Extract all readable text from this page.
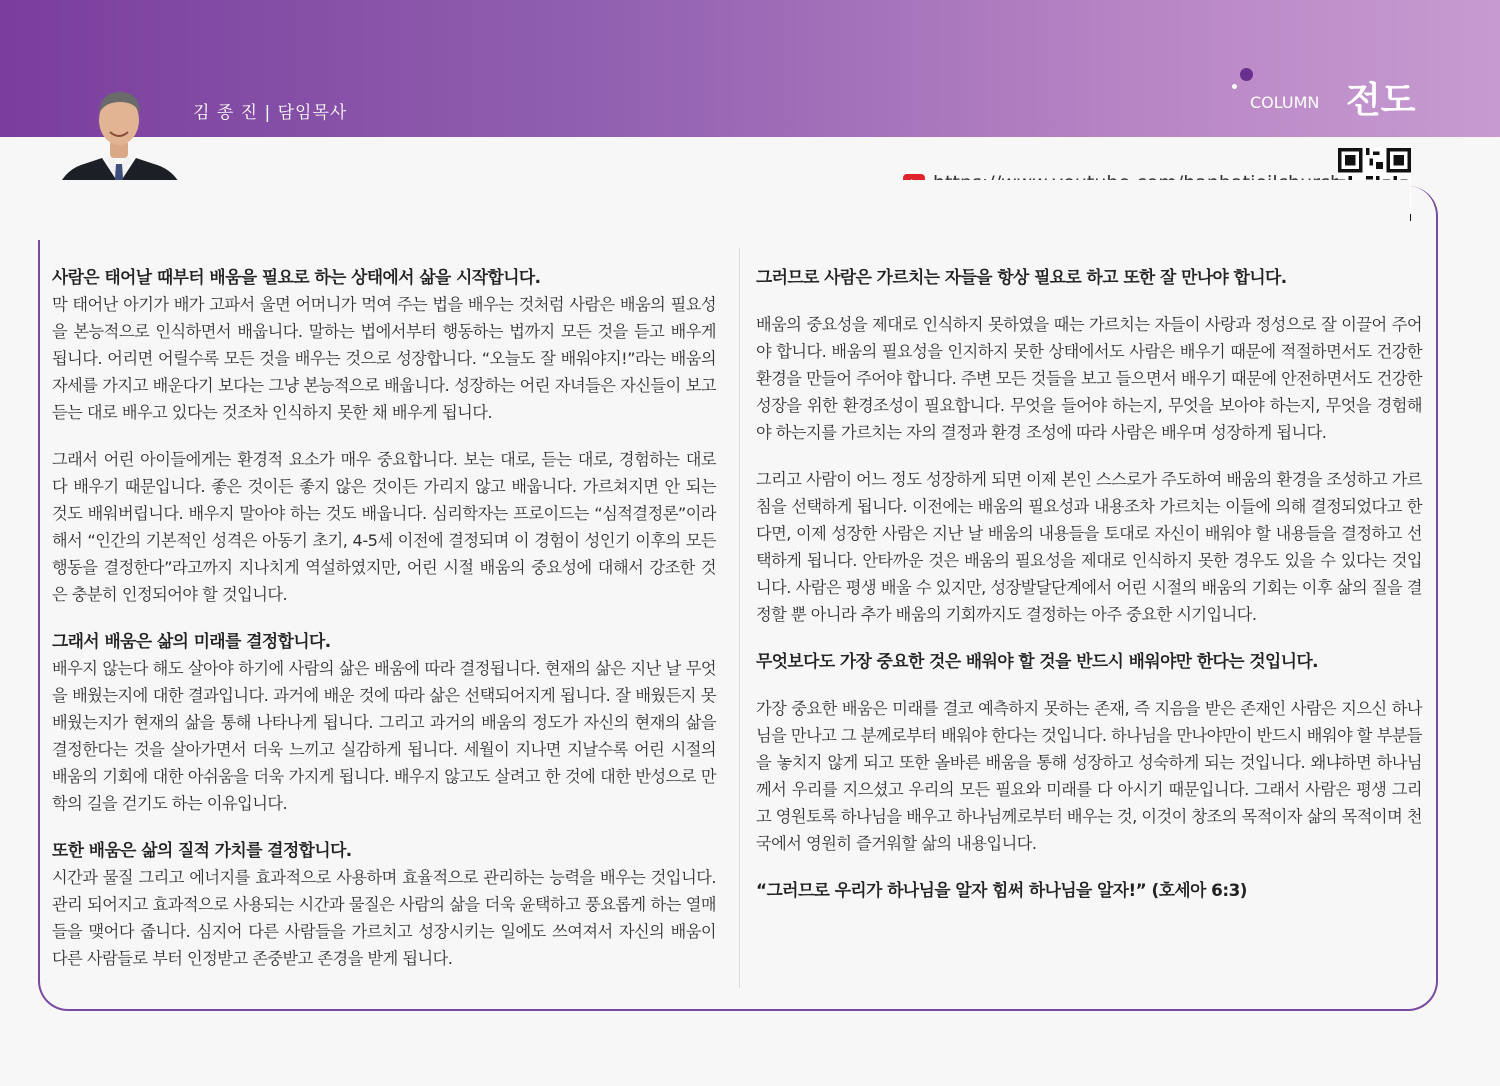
김 종 진 | 담임목사
COLUMN 전도
사람은 태어날 때부터 배움을 필요로 하는 상태에서 삶을 시작합니다.

막 태어난 아기가 배가 고파서 울면 어머니가 먹여 주는 법을 배우는 것처럼 사람은 배움의 필요성을 본능적으로 인식하면서 배웁니다. 말하는 법에서부터 행동하는 법까지 모든 것을 듣고 배우게 됩니다. 어리면 어릴수록 모든 것을 배우는 것으로 성장합니다. “오늘도 잘 배워야지!”라는 배움의 자세를 가지고 배운다기 보다는 그냥 본능적으로 배웁니다. 성장하는 어린 자녀들은 자신들이 보고 듣는 대로 배우고 있다는 것조차 인식하지 못한 채 배우게 됩니다.

그래서 어린 아이들에게는 환경적 요소가 매우 중요합니다. 보는 대로, 듣는 대로, 경험하는 대로 다 배우기 때문입니다. 좋은 것이든 좋지 않은 것이든 가리지 않고 배웁니다. 가르쳐지면 안 되는 것도 배워버립니다. 배우지 말아야 하는 것도 배웁니다. 심리학자는 프로이드는 “심적결정론”이라 해서 “인간의 기본적인 성격은 아동기 초기, 4-5세 이전에 결정되며 이 경험이 성인기 이후의 모든 행동을 결정한다”라고까지 지나치게 역설하였지만, 어린 시절 배움의 중요성에 대해서 강조한 것은 충분히 인정되어야 할 것입니다.

그래서 배움은 삶의 미래를 결정합니다.

배우지 않는다 해도 살아야 하기에 사람의 삶은 배움에 따라 결정됩니다. 현재의 삶은 지난 날 무엇을 배웠는지에 대한 결과입니다. 과거에 배운 것에 따라 삶은 선택되어지게 됩니다. 잘 배웠든지 못 배웠는지가 현재의 삶을 통해 나타나게 됩니다. 그리고 과거의 배움의 정도가 자신의 현재의 삶을 결정한다는 것을 살아가면서 더욱 느끼고 실감하게 됩니다. 세월이 지나면 지날수록 어린 시절의 배움의 기회에 대한 아쉬움을 더욱 가지게 됩니다. 배우지 않고도 살려고 한 것에 대한 반성으로 만학의 길을 걷기도 하는 이유입니다.

또한 배움은 삶의 질적 가치를 결정합니다.

시간과 물질 그리고 에너지를 효과적으로 사용하며 효율적으로 관리하는 능력을 배우는 것입니다. 관리 되어지고 효과적으로 사용되는 시간과 물질은 사람의 삶을 더욱 윤택하고 풍요롭게 하는 열매들을 맺어다 줍니다. 심지어 다른 사람들을 가르치고 성장시키는 일에도 쓰여져서 자신의 배움이 다른 사람들로 부터 인정받고 존중받고 존경을 받게 됩니다.

그러므로 사람은 가르치는 자들을 항상 필요로 하고 또한 잘 만나야 합니다.

배움의 중요성을 제대로 인식하지 못하였을 때는 가르치는 자들이 사랑과 정성으로 잘 이끌어 주어야 합니다. 배움의 필요성을 인지하지 못한 상태에서도 사람은 배우기 때문에 적절하면서도 건강한 환경을 만들어 주어야 합니다. 주변 모든 것들을 보고 들으면서 배우기 때문에 안전하면서도 건강한 성장을 위한 환경조성이 필요합니다. 무엇을 들어야 하는지, 무엇을 보아야 하는지, 무엇을 경험해야 하는지를 가르치는 자의 결정과 환경 조성에 따라 사람은 배우며 성장하게 됩니다.

그리고 사람이 어느 정도 성장하게 되면 이제 본인 스스로가 주도하여 배움의 환경을 조성하고 가르침을 선택하게 됩니다. 이전에는 배움의 필요성과 내용조차 가르치는 이들에 의해 결정되었다고 한다면, 이제 성장한 사람은 지난 날 배움의 내용들을 토대로 자신이 배워야 할 내용들을 결정하고 선택하게 됩니다. 안타까운 것은 배움의 필요성을 제대로 인식하지 못한 경우도 있을 수 있다는 것입니다. 사람은 평생 배울 수 있지만, 성장발달단계에서 어린 시절의 배움의 기회는 이후 삶의 질을 결정할 뿐 아니라 추가 배움의 기회까지도 결정하는 아주 중요한 시기입니다.

무엇보다도 가장 중요한 것은 배워야 할 것을 반드시 배워야만 한다는 것입니다.

가장 중요한 배움은 미래를 결코 예측하지 못하는 존재, 즉 지음을 받은 존재인 사람은 지으신 하나님을 만나고 그 분께로부터 배워야 한다는 것입니다. 하나님을 만나야만이 반드시 배워야 할 부분들을 놓치지 않게 되고 또한 올바른 배움을 통해 성장하고 성숙하게 되는 것입니다. 왜냐하면 하나님께서 우리를 지으셨고 우리의 모든 필요와 미래를 다 아시기 때문입니다. 그래서 사람은 평생 그리고 영원토록 하나님을 배우고 하나님께로부터 배우는 것, 이것이 창조의 목적이자 삶의 목적이며 천국에서 영원히 즐거워할 삶의 내용입니다.

“그러므로 우리가 하나님을 알자 힘써 하나님을 알자!” (호세아 6:3)
